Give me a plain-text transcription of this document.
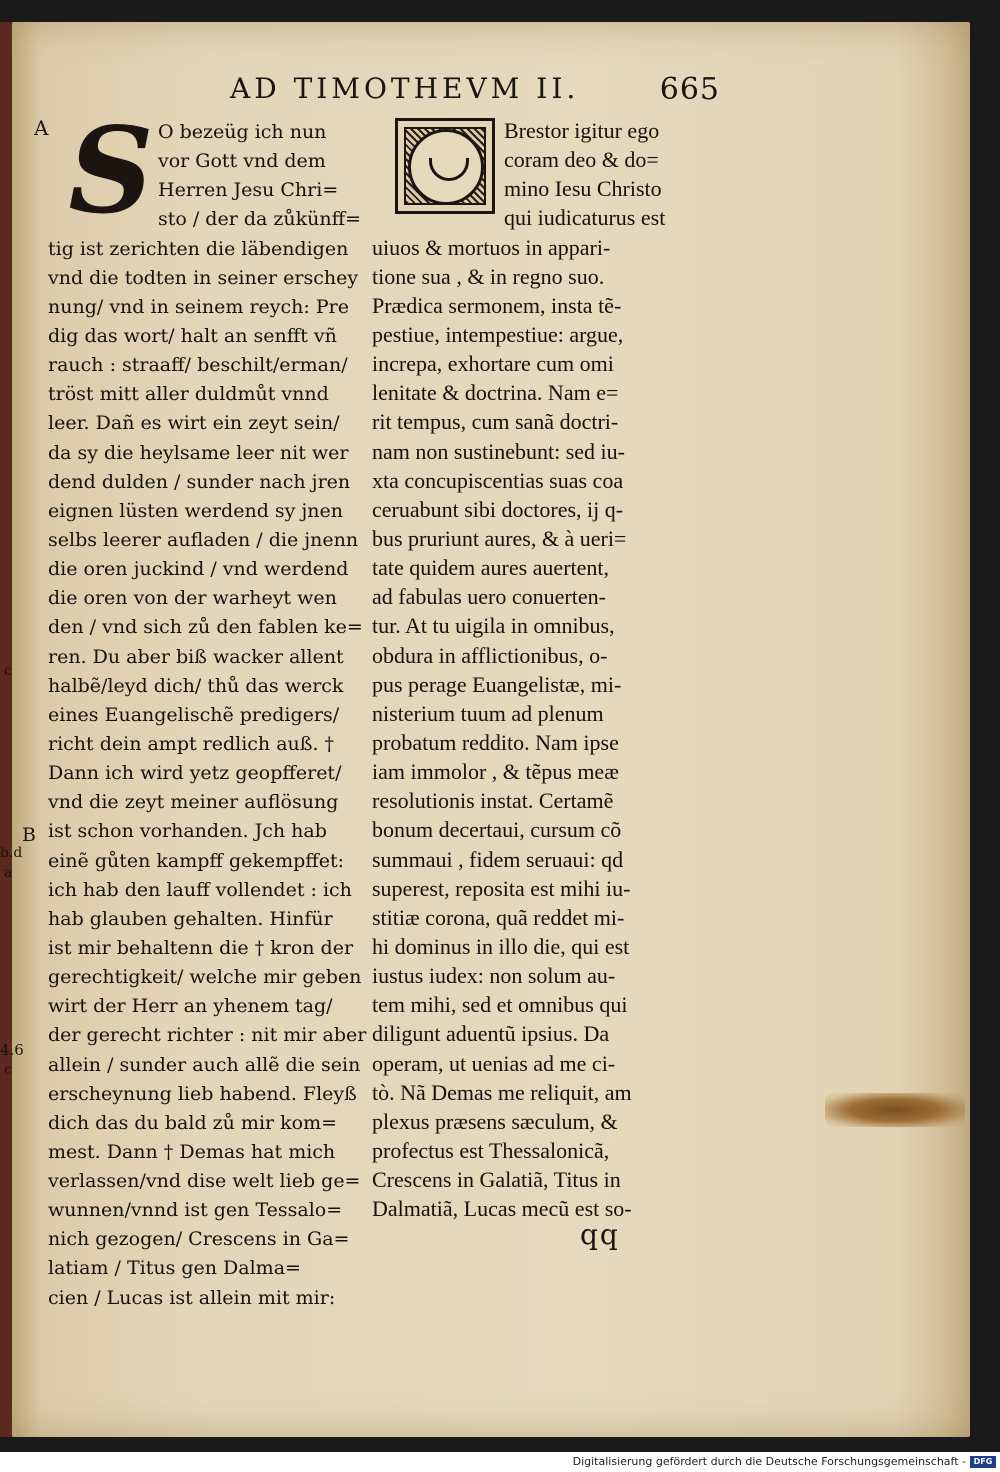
AD TIMOTHEVM II.	665
A
B
c
b.d
a
4.6
c
S O bezeüg ich nun
vor Gott vnd dem
Herren Jesu Chri=
sto / der da zůkünff=
tig ist zerichten die läbendigen
vnd die todten in seiner erschey
nung/ vnd in seinem reych: Pre
dig das wort/ halt an senfft vñ
rauch : straaff/ beschilt/erman/
tröst mitt aller duldmůt vnnd
leer. Dañ es wirt ein zeyt sein/
da sy die heylsame leer nit wer
dend dulden / sunder nach jren
eignen lüsten werdend sy jnen
selbs leerer aufladen / die jnenn
die oren juckind / vnd werdend
die oren von der warheyt wen
den / vnd sich zů den fablen ke=
ren. Du aber biß wacker allent
halbẽ/leyd dich/ thů das werck
eines Euangelischẽ predigers/
richt dein ampt redlich auß. †
Dann ich wird yetz geopfferet/
vnd die zeyt meiner auflösung
ist schon vorhanden. Jch hab
einẽ gůten kampff gekempffet:
ich hab den lauff vollendet : ich
hab glauben gehalten. Hinfür
ist mir behaltenn die † kron der
gerechtigkeit/ welche mir geben
wirt der Herr an yhenem tag/
der gerecht richter : nit mir aber
allein / sunder auch allẽ die sein
erscheynung lieb habend. Fleyß
dich das du bald zů mir kom=
mest. Dann † Demas hat mich
verlassen/vnd dise welt lieb ge=
wunnen/vnnd ist gen Tessalo=
nich gezogen/ Crescens in Ga=
latiam / Titus gen Dalma=
cien / Lucas ist allein mit mir:
Brestor igitur ego
coram deo & do=
mino Iesu Christo
qui iudicaturus est
uiuos & mortuos in appari-
tione sua , & in regno suo.
Prædica sermonem, insta tẽ-
pestiue, intempestiue: argue,
increpa, exhortare cum omi
lenitate & doctrina. Nam e=
rit tempus, cum sanã doctri-
nam non sustinebunt: sed iu-
xta concupiscentias suas coa
ceruabunt sibi doctores, ij q-
bus pruriunt aures, & à ueri=
tate quidem aures auertent,
ad fabulas uero conuerten-
tur. At tu uigila in omnibus,
obdura in afflictionibus, o-
pus perage Euangelistæ, mi-
nisterium tuum ad plenum
probatum reddito. Nam ipse
iam immolor , & tẽpus meæ
resolutionis instat. Certamẽ
bonum decertaui, cursum cõ
summaui , fidem seruaui: qd
superest, reposita est mihi iu-
stitiæ corona, quã reddet mi-
hi dominus in illo die, qui est
iustus iudex: non solum au-
tem mihi, sed et omnibus qui
diligunt aduentũ ipsius. Da
operam, ut uenias ad me ci-
tò. Nã Demas me reliquit, am
plexus præsens sæculum, &
profectus est Thessalonicã,
Crescens in Galatiã, Titus in
Dalmatiã, Lucas mecũ est so-
qq
Digitalisierung gefördert durch die Deutsche Forschungsgemeinschaft - DFG
